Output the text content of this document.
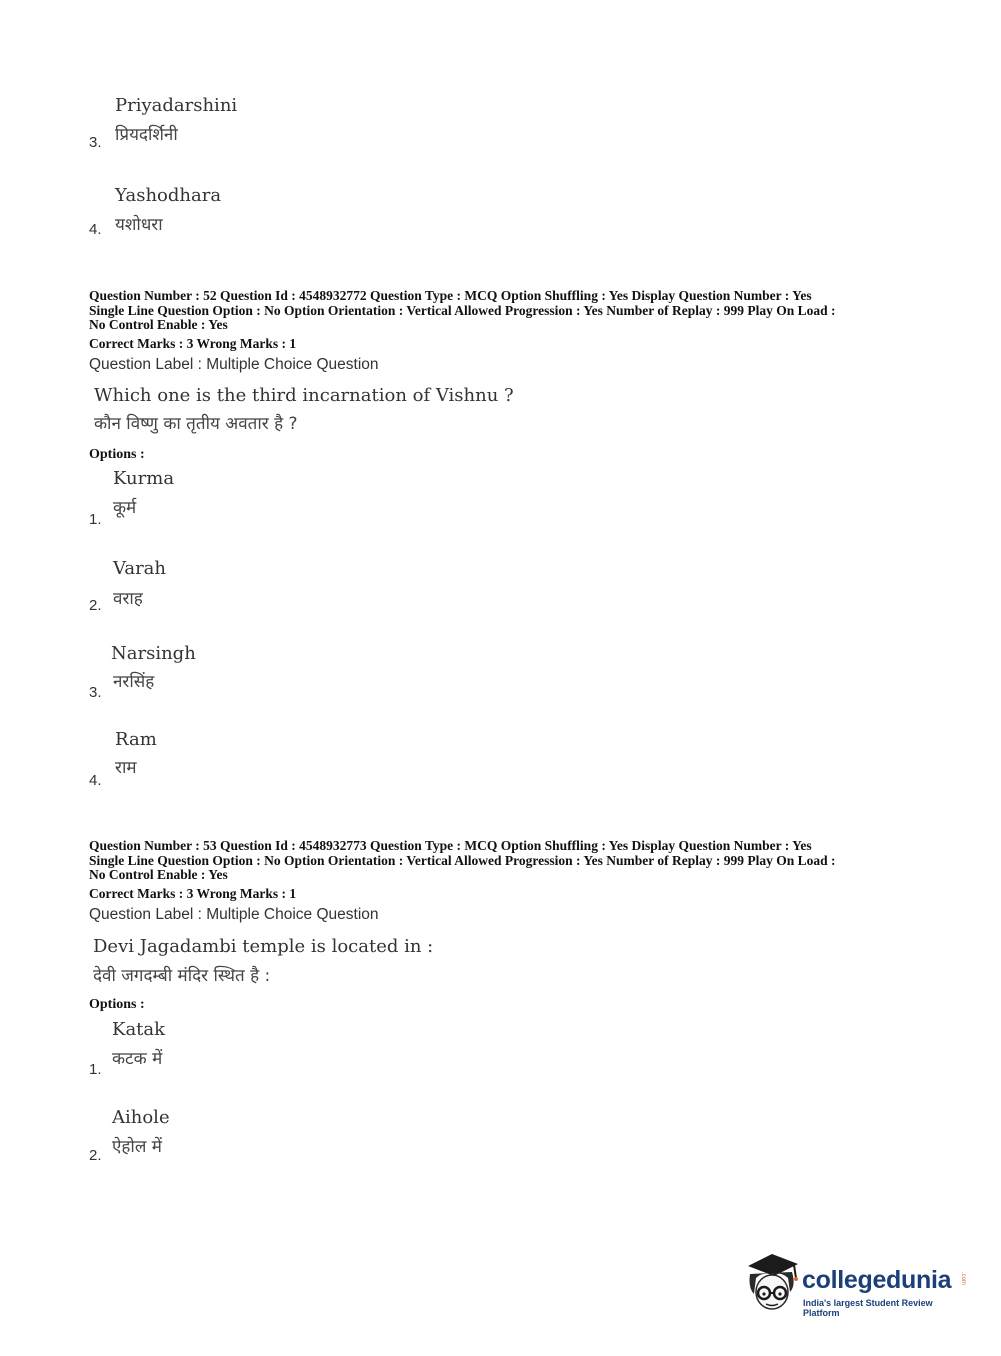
Priyadarshini
प्रियदर्शिनी
3.
Yashodhara
यशोधरा
4.
Question Number : 52 Question Id : 4548932772 Question Type : MCQ Option Shuffling : Yes Display Question Number : Yes
Single Line Question Option : No Option Orientation : Vertical Allowed Progression : Yes Number of Replay : 999 Play On Load :
No Control Enable : Yes
Correct Marks : 3 Wrong Marks : 1
Question Label : Multiple Choice Question
Which one is the third incarnation of Vishnu ?
कौन विष्णु का तृतीय अवतार है ?
Options :
Kurma
कूर्म
1.
Varah
वराह
2.
Narsingh
नरसिंह
3.
Ram
राम
4.
Question Number : 53 Question Id : 4548932773 Question Type : MCQ Option Shuffling : Yes Display Question Number : Yes
Single Line Question Option : No Option Orientation : Vertical Allowed Progression : Yes Number of Replay : 999 Play On Load :
No Control Enable : Yes
Correct Marks : 3 Wrong Marks : 1
Question Label : Multiple Choice Question
Devi Jagadambi temple is located in :
देवी जगदम्बी मंदिर स्थित है :
Options :
Katak
कटक में
1.
Aihole
ऐहोल में
2.
collegedunia .com
India's largest Student Review Platform
